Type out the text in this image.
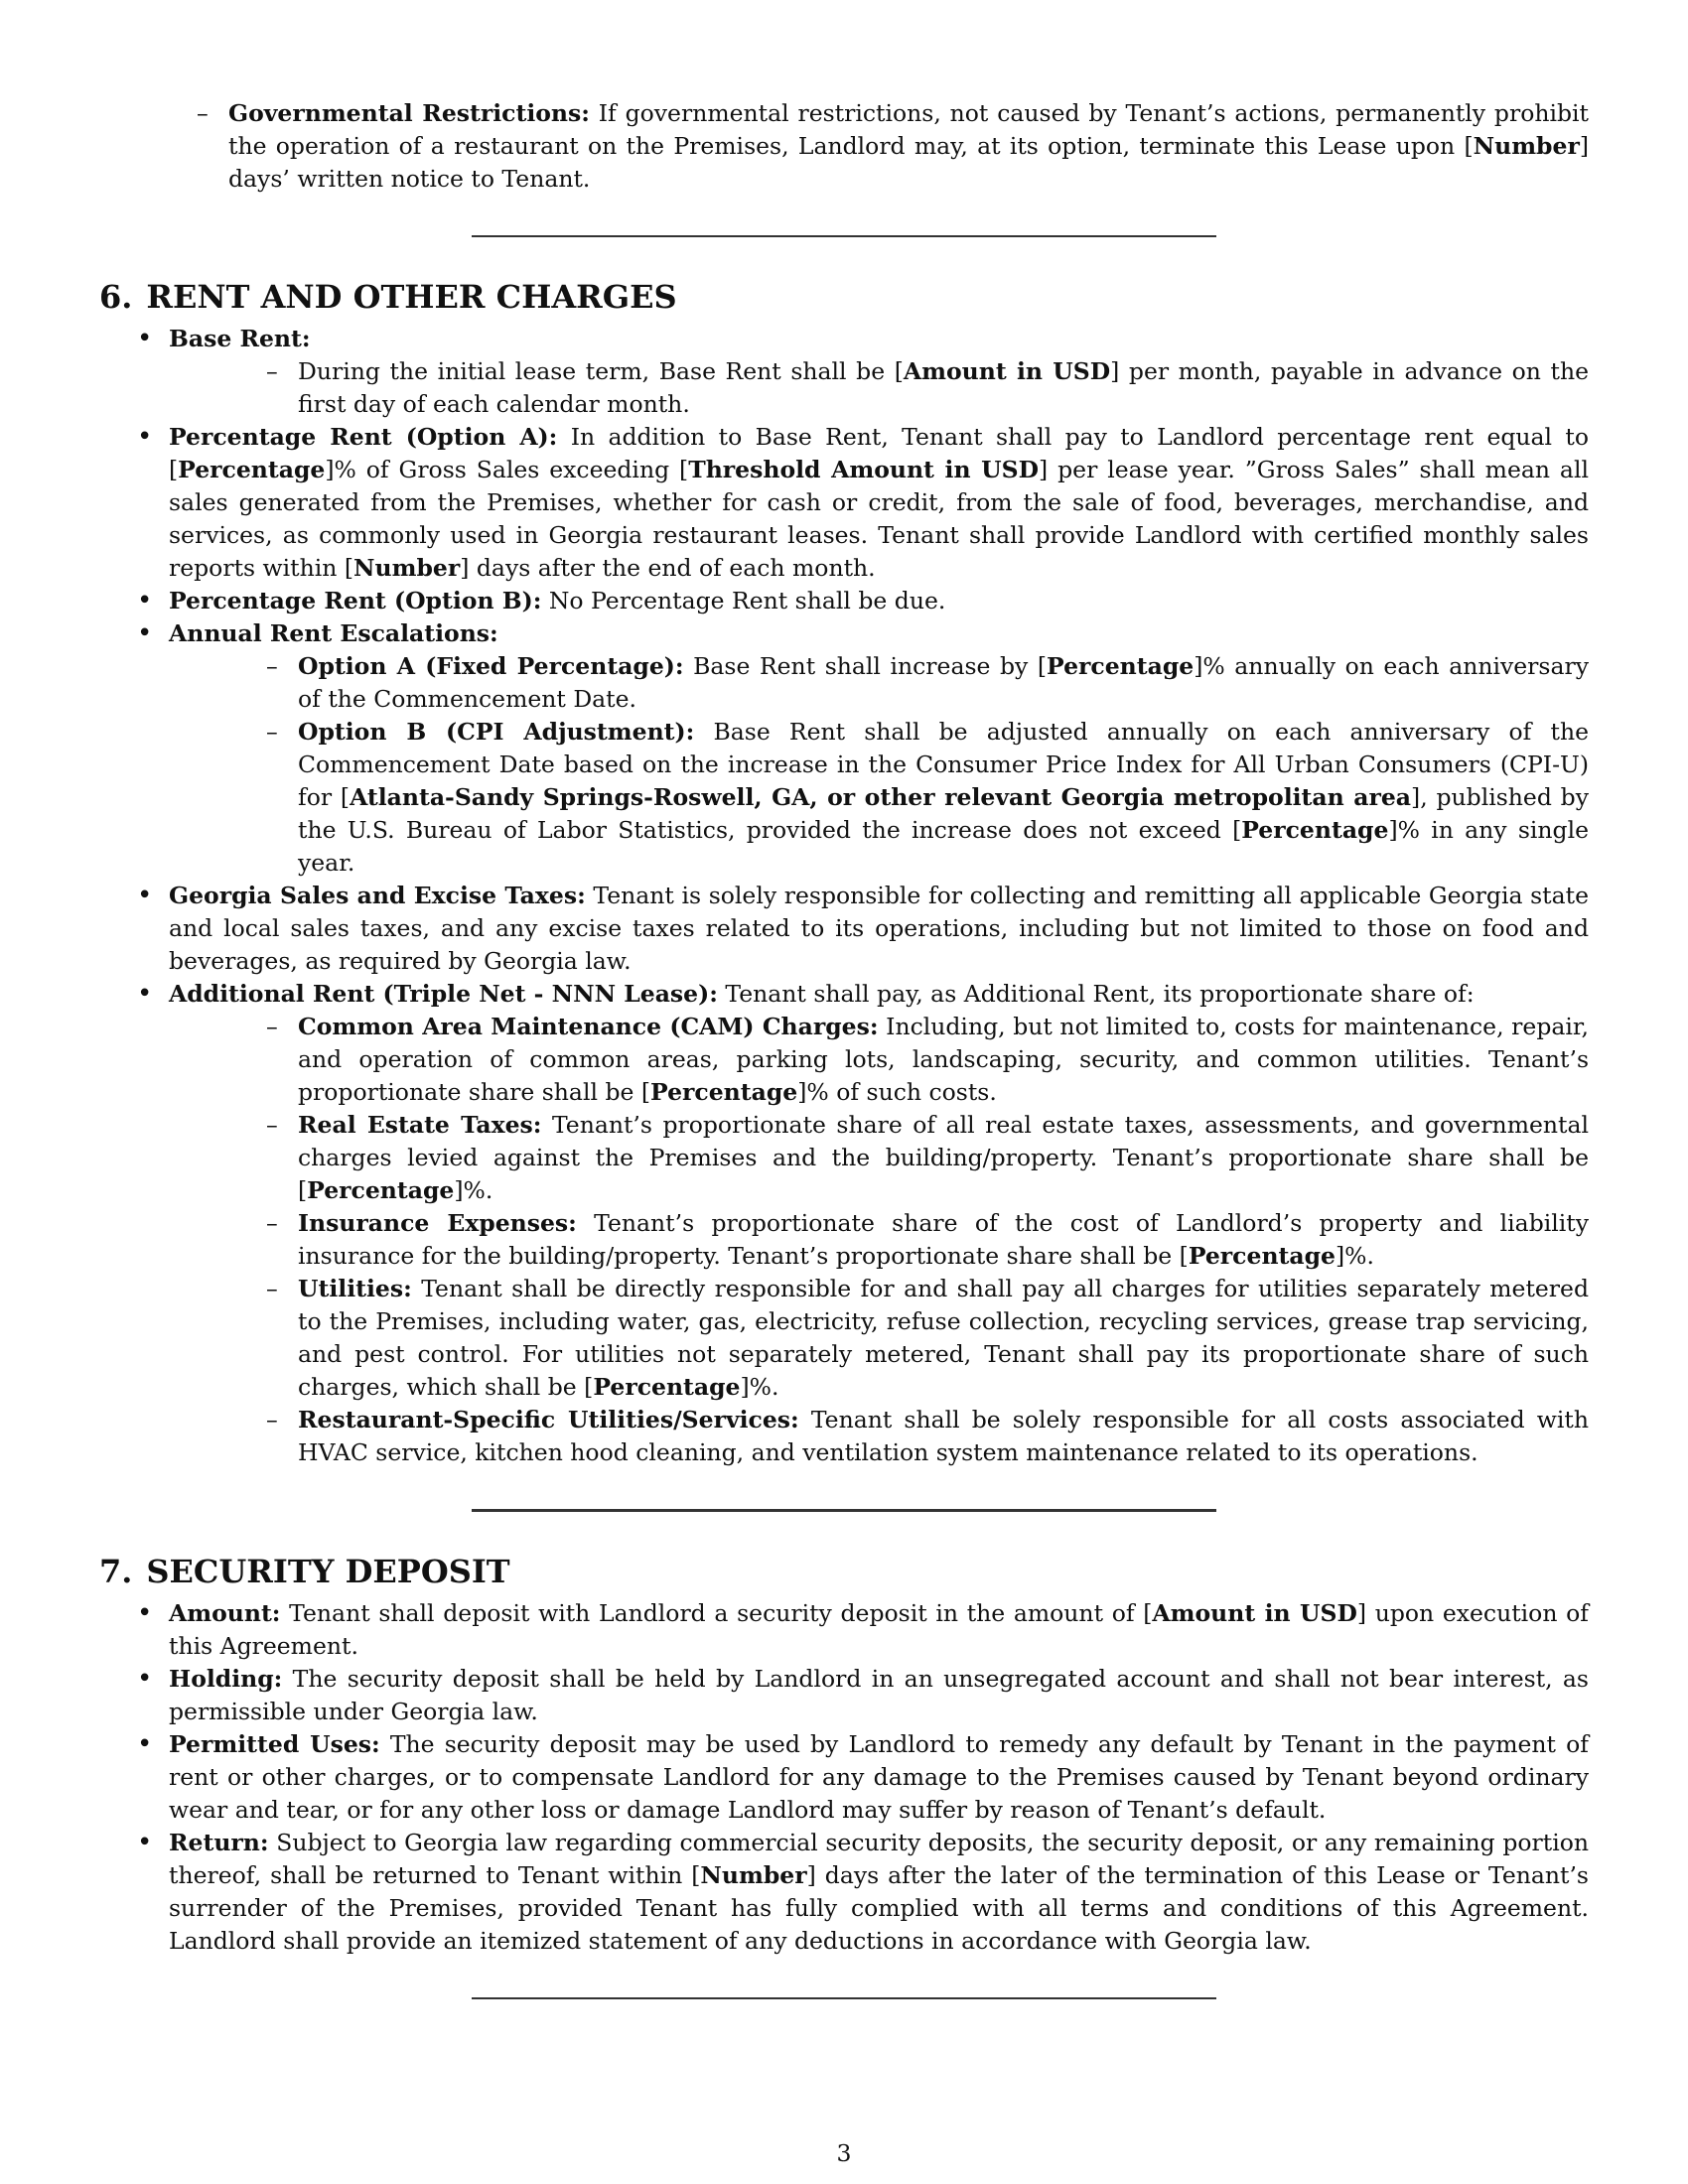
– Governmental Restrictions: If governmental restrictions, not caused by Tenant’s actions, permanently prohibit the operation of a restaurant on the Premises, Landlord may, at its option, terminate this Lease upon [Number] days’ written notice to Tenant.
6. RENT AND OTHER CHARGES
• Base Rent:
– During the initial lease term, Base Rent shall be [Amount in USD] per month, payable in advance on the first day of each calendar month.
• Percentage Rent (Option A): In addition to Base Rent, Tenant shall pay to Landlord percentage rent equal to [Percentage]% of Gross Sales exceeding [Threshold Amount in USD] per lease year. ”Gross Sales” shall mean all sales generated from the Premises, whether for cash or credit, from the sale of food, beverages, merchandise, and services, as commonly used in Georgia restaurant leases. Tenant shall provide Landlord with certified monthly sales reports within [Number] days after the end of each month.
• Percentage Rent (Option B): No Percentage Rent shall be due.
• Annual Rent Escalations:
– Option A (Fixed Percentage): Base Rent shall increase by [Percentage]% annually on each anniversary of the Commencement Date.
– Option B (CPI Adjustment): Base Rent shall be adjusted annually on each anniversary of the Commencement Date based on the increase in the Consumer Price Index for All Urban Consumers (CPI-U) for [Atlanta-Sandy Springs-Roswell, GA, or other relevant Georgia metropolitan area], published by the U.S. Bureau of Labor Statistics, provided the increase does not exceed [Percentage]% in any single year.
• Georgia Sales and Excise Taxes: Tenant is solely responsible for collecting and remitting all applicable Georgia state and local sales taxes, and any excise taxes related to its operations, including but not limited to those on food and beverages, as required by Georgia law.
• Additional Rent (Triple Net - NNN Lease): Tenant shall pay, as Additional Rent, its proportionate share of:
– Common Area Maintenance (CAM) Charges: Including, but not limited to, costs for maintenance, repair, and operation of common areas, parking lots, landscaping, security, and common utilities. Tenant’s proportionate share shall be [Percentage]% of such costs.
– Real Estate Taxes: Tenant’s proportionate share of all real estate taxes, assessments, and governmental charges levied against the Premises and the building/property. Tenant’s proportionate share shall be [Percentage]%.
– Insurance Expenses: Tenant’s proportionate share of the cost of Landlord’s property and liability insurance for the building/property. Tenant’s proportionate share shall be [Percentage]%.
– Utilities: Tenant shall be directly responsible for and shall pay all charges for utilities separately metered to the Premises, including water, gas, electricity, refuse collection, recycling services, grease trap servicing, and pest control. For utilities not separately metered, Tenant shall pay its proportionate share of such charges, which shall be [Percentage]%.
– Restaurant-Specific Utilities/Services: Tenant shall be solely responsible for all costs associated with HVAC service, kitchen hood cleaning, and ventilation system maintenance related to its operations.
7. SECURITY DEPOSIT
• Amount: Tenant shall deposit with Landlord a security deposit in the amount of [Amount in USD] upon execution of this Agreement.
• Holding: The security deposit shall be held by Landlord in an unsegregated account and shall not bear interest, as permissible under Georgia law.
• Permitted Uses: The security deposit may be used by Landlord to remedy any default by Tenant in the payment of rent or other charges, or to compensate Landlord for any damage to the Premises caused by Tenant beyond ordinary wear and tear, or for any other loss or damage Landlord may suffer by reason of Tenant’s default.
• Return: Subject to Georgia law regarding commercial security deposits, the security deposit, or any remaining portion thereof, shall be returned to Tenant within [Number] days after the later of the termination of this Lease or Tenant’s surrender of the Premises, provided Tenant has fully complied with all terms and conditions of this Agreement. Landlord shall provide an itemized statement of any deductions in accordance with Georgia law.
3
